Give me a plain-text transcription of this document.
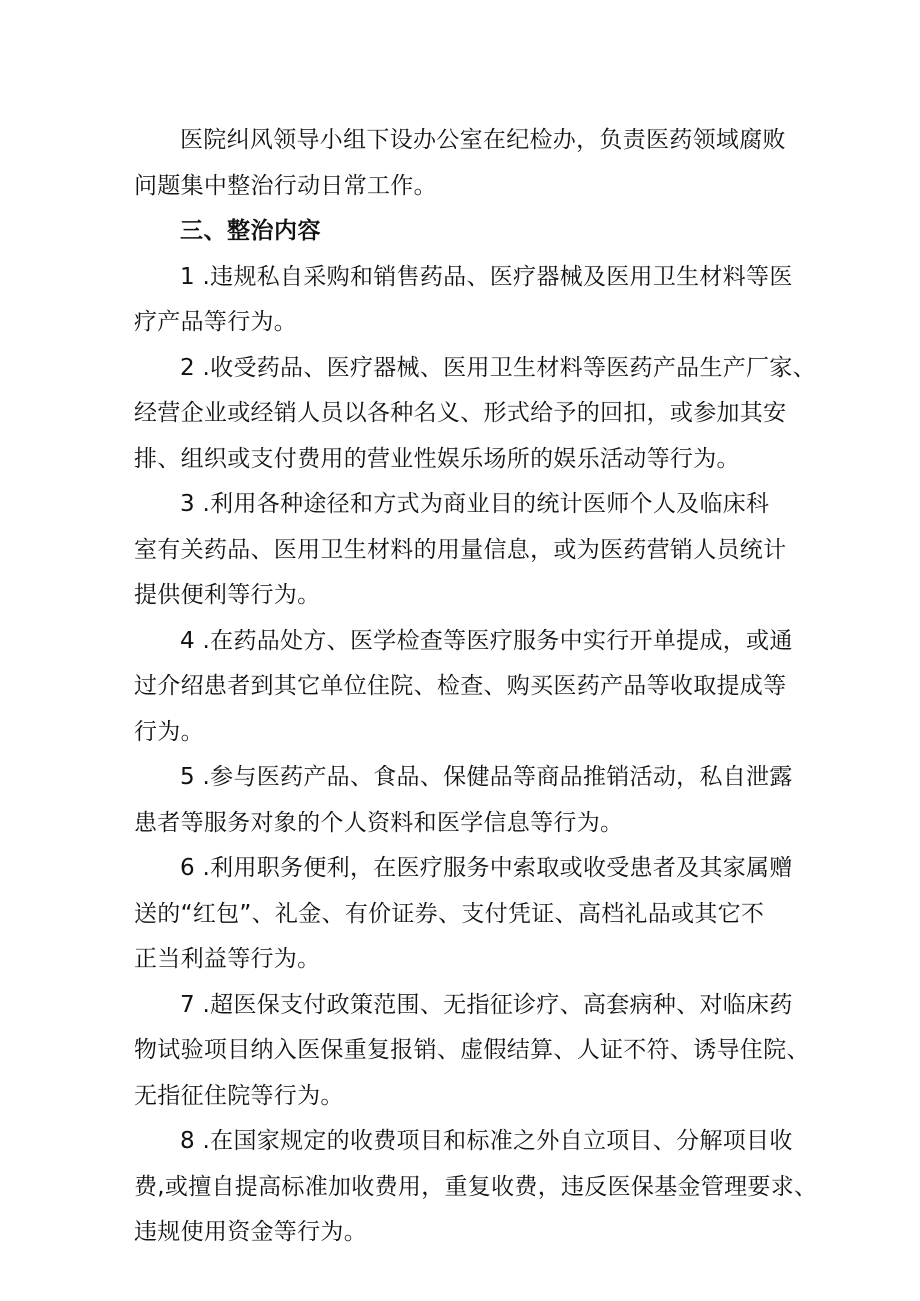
医院纠风领导小组下设办公室在纪检办，负责医药领域腐败
问题集中整治行动日常工作。

三、整治内容

1 .违规私自采购和销售药品、医疗器械及医用卫生材料等医
疗产品等行为。

2 .收受药品、医疗器械、医用卫生材料等医药产品生产厂家、
经营企业或经销人员以各种名义、形式给予的回扣，或参加其安
排、组织或支付费用的营业性娱乐场所的娱乐活动等行为。

3 .利用各种途径和方式为商业目的统计医师个人及临床科
室有关药品、医用卫生材料的用量信息，或为医药营销人员统计
提供便利等行为。

4 .在药品处方、医学检查等医疗服务中实行开单提成，或通
过介绍患者到其它单位住院、检查、购买医药产品等收取提成等
行为。

5 .参与医药产品、食品、保健品等商品推销活动，私自泄露
患者等服务对象的个人资料和医学信息等行为。

6 .利用职务便利，在医疗服务中索取或收受患者及其家属赠
送的“红包”、礼金、有价证券、支付凭证、高档礼品或其它不
正当利益等行为。

7 .超医保支付政策范围、无指征诊疗、高套病种、对临床药
物试验项目纳入医保重复报销、虚假结算、人证不符、诱导住院、
无指征住院等行为。

8 .在国家规定的收费项目和标准之外自立项目、分解项目收
费,或擅自提高标准加收费用，重复收费，违反医保基金管理要求、
违规使用资金等行为。
